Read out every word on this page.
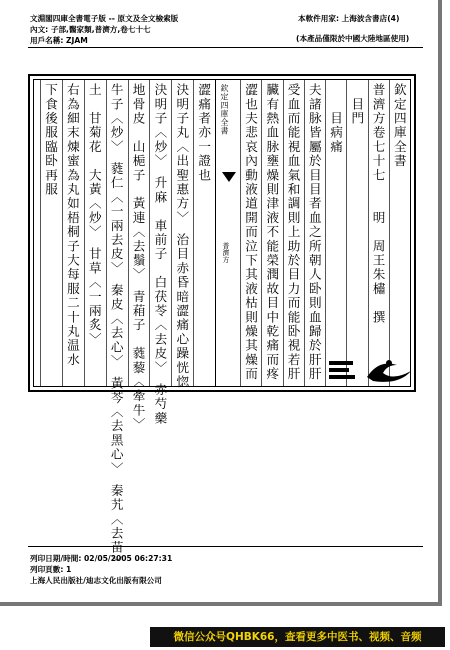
文淵閣四庫全書電子版 -- 原文及全文檢索版
內文: 子部,醫家類,普濟方,卷七十七
用戶名稱: ZJAM
本軟件用家: 上海波含書店(4)
(本產品僅限於中國大陸地區使用)
欽定四庫全書
普濟方
欽定四庫全書
普濟方卷七十七　　明　周王朱橚　撰
　目門
　　目病痛
夫諸脉皆屬於目目者血之所朝人卧則血歸於肝肝
受血而能視血氣和調則上助於目力而能卧視若肝
臟有熱血脉壅燥則津液不能榮潤故目中乾痛而疼
澀也夫悲哀內動液道開而泣下其液枯則燥其燥而
澀痛者亦一證也
決明子丸〈出聖惠方〉　治目赤昏暗澀痛心躁恍惚
決明子〈炒〉　升麻　車前子　白茯苓〈去皮〉　赤芍藥
地骨皮　山梔子　黃連〈去鬚〉　青葙子　蕤藜〈牽牛〉
牛子〈炒〉　蕤仁〈一兩去皮〉　秦皮〈去心〉　黃芩〈去黑心〉　秦艽〈去苗〉
土　甘菊花　大黃〈炒〉　甘草〈一兩炙〉
右為細末煉蜜為丸如梧桐子大每服二十丸温水
下食後服臨卧再服
列印日期/時間: 02/05/2005 06:27:31
列印頁數: 1
上海人民出版社/迪志文化出版有限公司
微信公众号QHBK66，查看更多中医书、视频、音频
